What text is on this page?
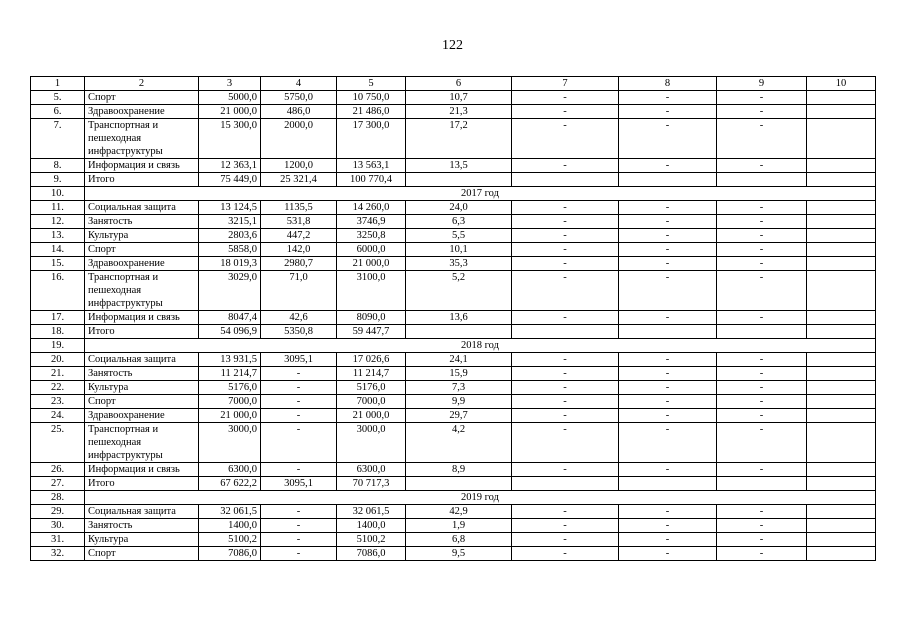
122
1	2	3	4	5	6	7	8	9	10
5.	Спорт	5000,0	5750,0	10 750,0	10,7	-	-	-	
6.	Здравоохранение	21 000,0	486,0	21 486,0	21,3	-	-	-	
7.	Транспортная и пешеходная инфраструктуры	15 300,0	2000,0	17 300,0	17,2	-	-	-	
8.	Информация и связь	12 363,1	1200,0	13 563,1	13,5	-	-	-	
9.	Итого	75 449,0	25 321,4	100 770,4					
10.	2017 год								
11.	Социальная защита	13 124,5	1135,5	14 260,0	24,0	-	-	-	
12.	Занятость	3215,1	531,8	3746,9	6,3	-	-	-	
13.	Культура	2803,6	447,2	3250,8	5,5	-	-	-	
14.	Спорт	5858,0	142,0	6000,0	10,1	-	-	-	
15.	Здравоохранение	18 019,3	2980,7	21 000,0	35,3	-	-	-	
16.	Транспортная и пешеходная инфраструктуры	3029,0	71,0	3100,0	5,2	-	-	-	
17.	Информация и связь	8047,4	42,6	8090,0	13,6	-	-	-	
18.	Итого	54 096,9	5350,8	59 447,7					
19.	2018 год								
20.	Социальная защита	13 931,5	3095,1	17 026,6	24,1	-	-	-	
21.	Занятость	11 214,7	-	11 214,7	15,9	-	-	-	
22.	Культура	5176,0	-	5176,0	7,3	-	-	-	
23.	Спорт	7000,0	-	7000,0	9,9	-	-	-	
24.	Здравоохранение	21 000,0	-	21 000,0	29,7	-	-	-	
25.	Транспортная и пешеходная инфраструктуры	3000,0	-	3000,0	4,2	-	-	-	
26.	Информация и связь	6300,0	-	6300,0	8,9	-	-	-	
27.	Итого	67 622,2	3095,1	70 717,3					
28.	2019 год								
29.	Социальная защита	32 061,5	-	32 061,5	42,9	-	-	-	
30.	Занятость	1400,0	-	1400,0	1,9	-	-	-	
31.	Культура	5100,2	-	5100,2	6,8	-	-	-	
32.	Спорт	7086,0	-	7086,0	9,5	-	-	-	
